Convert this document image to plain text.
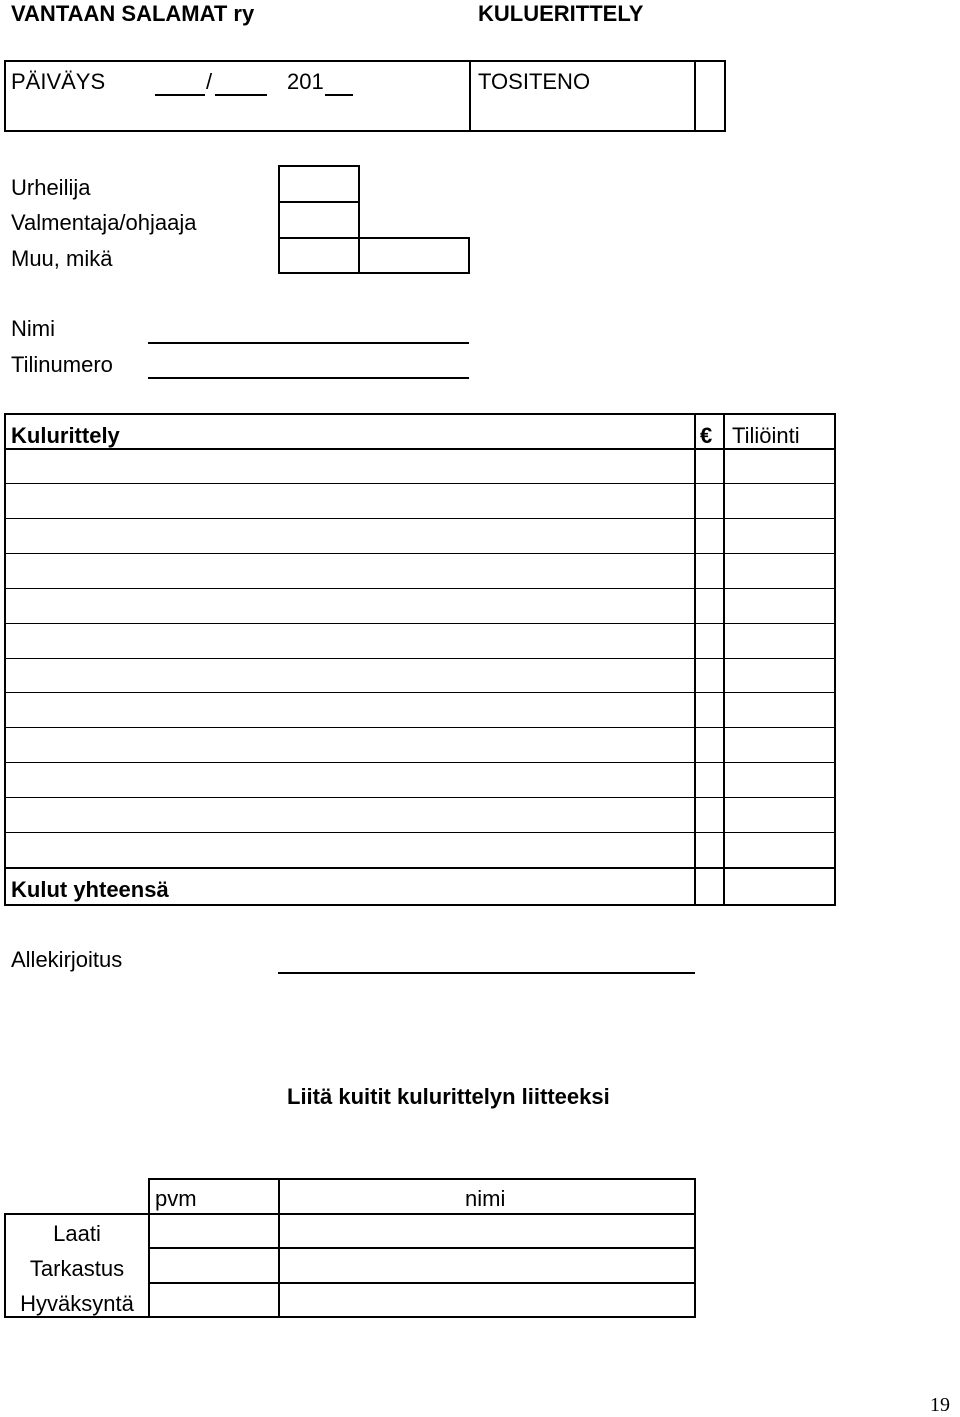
VANTAAN SALAMAT ry	KULUERITTELY
PÄIVÄYS	/	201	TOSITENO
Urheilija
Valmentaja/ohjaaja
Muu, mikä
Nimi
Tilinumero
Kulurittely	€ Tiliöinti
Kulut yhteensä
Allekirjoitus
Liitä kuitit kulurittelyn liitteeksi
pvm	nimi
Laati
Tarkastus
Hyväksyntä
19
